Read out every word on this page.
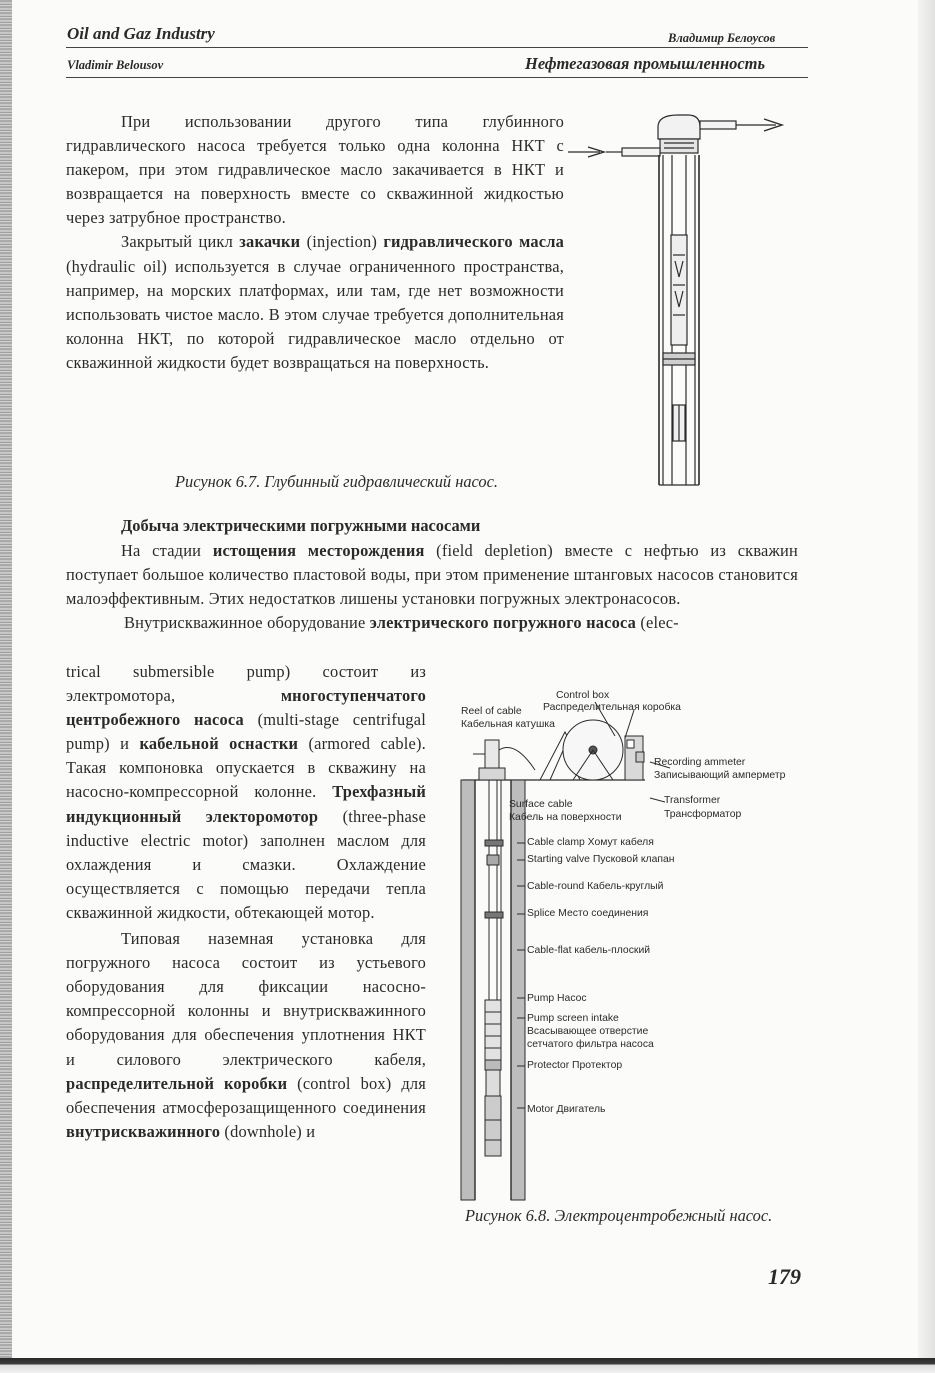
Oil and Gaz Industry	Владимир Белоусов
Vladimir Belousov	Нефтегазовая промышленность

При использовании другого типа глубинного гидравлического насоса требуется только одна колонна НКТ с пакером, при этом гидравлическое масло закачивается в НКТ и возвращается на поверхность вместе со скважинной жидкостью через затрубное пространство.

Закрытый цикл закачки (injection) гидравлического масла (hydraulic oil) используется в случае ограниченного пространства, например, на морских платформах, или там, где нет возможности использовать чистое масло. В этом случае требуется дополнительная колонна НКТ, по которой гидравлическое масло отдельно от скважинной жидкости будет возвращаться на поверхность.

Рисунок 6.7. Глубинный гидравлический насос.
Добыча электрическими погружными насосами

На стадии истощения месторождения (field depletion) вместе с нефтью из скважин поступает большое количество пластовой воды, при этом применение штанговых насосов становится малоэффективным. Этих недостатков лишены установки погружных электронасосов.

Внутрискважинное оборудование электрического погружного насоса (elec-

trical submersible pump) состоит из электромотора, многоступенчатого центробежного насоса (multi-stage centrifugal pump) и кабельной оснастки (armored cable). Такая компоновка опускается в скважину на насосно-компрессорной колонне. Трехфазный индукционный электоромотор (three-phase inductive electric motor) заполнен маслом для охлаждения и смазки. Охлаждение осуществляется с помощью передачи тепла скважинной жидкости, обтекающей мотор.

Типовая наземная установка для погружного насоса состоит из устьевого оборудования для фиксации насосно-компрессорной колонны и внутрискважинного оборудования для обеспечения уплотнения НКТ и силового электрического кабеля, распределительной коробки (control box) для обеспечения атмосферозащищенного соединения внутрискважинного (downhole) и

Control box
Reel of cable Распределительная коробка
Кабельная катушка
Recording ammeter
Записывающий амперметр
Surface cable	Transformer
Кабель на поверхности	Трансформатор
Cable clamp Хомут кабеля
Starting valve Пусковой клапан
Cable-round Кабель-круглый
Splice Место соединения
Cable-flat кабель-плоский
Pump Насос
Pump screen intake
Всасывающее отверстие
сетчатого фильтра насоса
Protector Протектор
Motor Двигатель
Рисунок 6.8. Электроцентробежный насос.
179
